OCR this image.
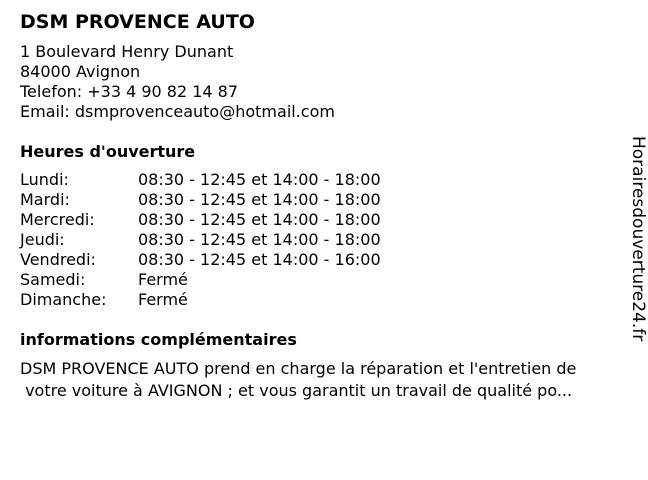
DSM PROVENCE AUTO
1 Boulevard Henry Dunant
84000 Avignon
Telefon: +33 4 90 82 14 87
Email: dsmprovenceauto@hotmail.com
Heures d'ouverture
Lundi:	08:30 - 12:45 et 14:00 - 18:00
Mardi:	08:30 - 12:45 et 14:00 - 18:00
Mercredi:	08:30 - 12:45 et 14:00 - 18:00
Jeudi:	08:30 - 12:45 et 14:00 - 18:00
Vendredi:	08:30 - 12:45 et 14:00 - 16:00
Samedi:	Fermé
Dimanche:	Fermé
informations complémentaires
DSM PROVENCE AUTO prend en charge la réparation et l'entretien de
votre voiture à AVIGNON ; et vous garantit un travail de qualité po...
Horairesdouverture24.fr
